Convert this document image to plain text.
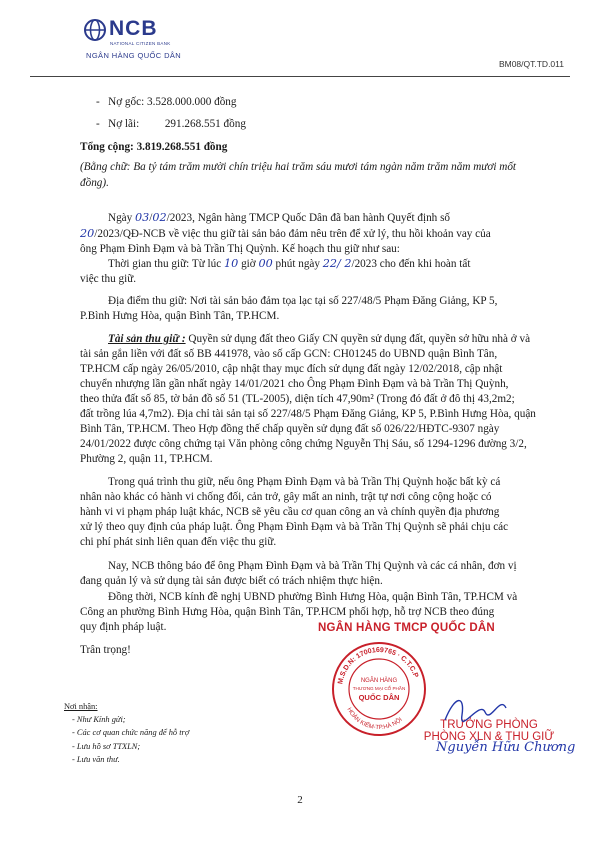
NCB
NATIONAL CITIZEN BANK
NGÂN HÀNG QUỐC DÂN
BM08/QT.TD.011
-   Nợ gốc: 3.528.000.000 đồng
-   Nợ lãi: 291.268.551 đồng
Tổng cộng: 3.819.268.551 đồng
(Bằng chữ: Ba tỷ tám trăm mười chín triệu hai trăm sáu mươi tám ngàn năm trăm năm mươi mốt
đồng).
Ngày 03/02/2023, Ngân hàng TMCP Quốc Dân đã ban hành Quyết định số
20/2023/QĐ-NCB về việc thu giữ tài sản bảo đảm nêu trên để xử lý, thu hồi khoản vay của
ông Phạm Đình Đạm và bà Trần Thị Quỳnh. Kế hoạch thu giữ như sau:
Thời gian thu giữ: Từ lúc 10 giờ 00 phút ngày 22/ 2/2023 cho đến khi hoàn tất
việc thu giữ.
Địa điểm thu giữ: Nơi tài sản bảo đảm tọa lạc tại số 227/48/5 Phạm Đăng Giảng, KP 5,
P.Bình Hưng Hòa, quận Bình Tân, TP.HCM.
Tài sản thu giữ : Quyền sử dụng đất theo Giấy CN quyền sử dụng đất, quyền sở hữu nhà ở và
tài sản gắn liền với đất số BB 441978, vào số cấp GCN: CH01245 do UBND quận Bình Tân,
TP.HCM cấp ngày 26/05/2010, cập nhật thay mục đích sử dụng đất ngày 12/02/2018, cập nhật
chuyển nhượng lần gần nhất ngày 14/01/2021 cho Ông Phạm Đình Đạm và bà Trần Thị Quỳnh,
theo thửa đất số 85, tờ bản đồ số 51 (TL-2005), diện tích 47,90m² (Trong đó đất ở đô thị 43,2m2;
đất trồng lúa 4,7m2). Địa chỉ tài sản tại số 227/48/5 Phạm Đăng Giảng, KP 5, P.Bình Hưng Hòa, quận
Bình Tân, TP.HCM. Theo Hợp đồng thế chấp quyền sử dụng đất số 026/22/HĐTC-9307 ngày
24/01/2022 được công chứng tại Văn phòng công chứng Nguyễn Thị Sáu, số 1294-1296 đường 3/2,
Phường 2, quận 11, TP.HCM.
Trong quá trình thu giữ, nếu ông Phạm Đình Đạm và bà Trần Thị Quỳnh hoặc bất kỳ cá
nhân nào khác có hành vi chống đối, cản trở, gây mất an ninh, trật tự nơi công cộng hoặc có
hành vi vi phạm pháp luật khác, NCB sẽ yêu cầu cơ quan công an và chính quyền địa phương
xử lý theo quy định của pháp luật. Ông Phạm Đình Đạm và bà Trần Thị Quỳnh sẽ phải chịu các
chi phí phát sinh liên quan đến việc thu giữ.
Nay, NCB thông báo để ông Phạm Đình Đạm và bà Trần Thị Quỳnh và các cá nhân, đơn vị
đang quản lý và sử dụng tài sản được biết có trách nhiệm thực hiện.
Đồng thời, NCB kính đề nghị UBND phường Bình Hưng Hòa, quận Bình Tân, TP.HCM và
Công an phường Bình Hưng Hòa, quận Bình Tân, TP.HCM phối hợp, hỗ trợ NCB theo đúng
quy định pháp luật.
Trân trọng!
Nơi nhận:
- Như Kính gửi;
- Các cơ quan chức năng để hỗ trợ
- Lưu hồ sơ TTXLN;
- Lưu văn thư.
NGÂN HÀNG TMCP QUỐC DÂN
M.S.D.N: 1700169765 · C.T.C.P
HOÀN KIẾM-TP.HÀ NỘI
NGÂN HÀNG
THƯƠNG MẠI CỔ PHẦN
QUỐC DÂN
TRƯỞNG PHÒNG
PHÒNG XLN & THU GIỮ
Nguyễn Hữu Chương
2
